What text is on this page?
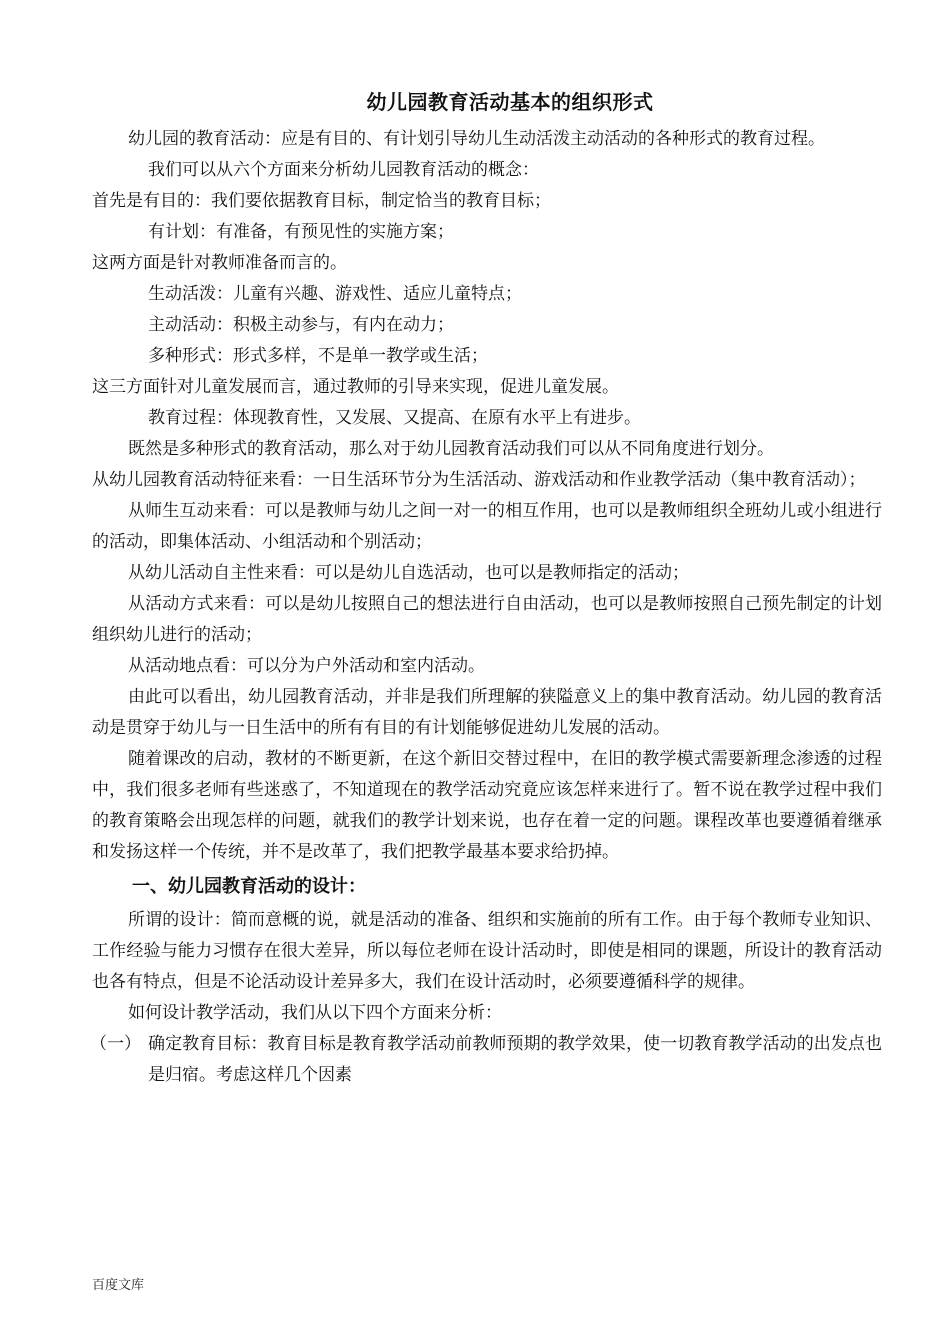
幼儿园教育活动基本的组织形式

幼儿园的教育活动：应是有目的、有计划引导幼儿生动活泼主动活动的各种形式的教育过程。

我们可以从六个方面来分析幼儿园教育活动的概念：

首先是有目的：我们要依据教育目标，制定恰当的教育目标；

有计划：有准备，有预见性的实施方案；

这两方面是针对教师准备而言的。

生动活泼：儿童有兴趣、游戏性、适应儿童特点；

主动活动：积极主动参与，有内在动力；

多种形式：形式多样，不是单一教学或生活；

这三方面针对儿童发展而言，通过教师的引导来实现，促进儿童发展。

教育过程：体现教育性，又发展、又提高、在原有水平上有进步。

既然是多种形式的教育活动，那么对于幼儿园教育活动我们可以从不同角度进行划分。

从幼儿园教育活动特征来看：一日生活环节分为生活活动、游戏活动和作业教学活动（集中教育活动）；

从师生互动来看：可以是教师与幼儿之间一对一的相互作用，也可以是教师组织全班幼儿或小组进行的活动，即集体活动、小组活动和个别活动；

从幼儿活动自主性来看：可以是幼儿自选活动，也可以是教师指定的活动；

从活动方式来看：可以是幼儿按照自己的想法进行自由活动，也可以是教师按照自己预先制定的计划组织幼儿进行的活动；

从活动地点看：可以分为户外活动和室内活动。

由此可以看出，幼儿园教育活动，并非是我们所理解的狭隘意义上的集中教育活动。幼儿园的教育活动是贯穿于幼儿与一日生活中的所有有目的有计划能够促进幼儿发展的活动。

随着课改的启动，教材的不断更新，在这个新旧交替过程中，在旧的教学模式需要新理念渗透的过程中，我们很多老师有些迷惑了，不知道现在的教学活动究竟应该怎样来进行了。暂不说在教学过程中我们的教育策略会出现怎样的问题，就我们的教学计划来说，也存在着一定的问题。课程改革也要遵循着继承和发扬这样一个传统，并不是改革了，我们把教学最基本要求给扔掉。

一、幼儿园教育活动的设计：

所谓的设计：简而意概的说，就是活动的准备、组织和实施前的所有工作。由于每个教师专业知识、工作经验与能力习惯存在很大差异，所以每位老师在设计活动时，即使是相同的课题，所设计的教育活动也各有特点，但是不论活动设计差异多大，我们在设计活动时，必须要遵循科学的规律。

如何设计教学活动，我们从以下四个方面来分析：

（一） 确定教育目标：教育目标是教育教学活动前教师预期的教学效果，使一切教育教学活动的出发点也是归宿。考虑这样几个因素
百度文库
